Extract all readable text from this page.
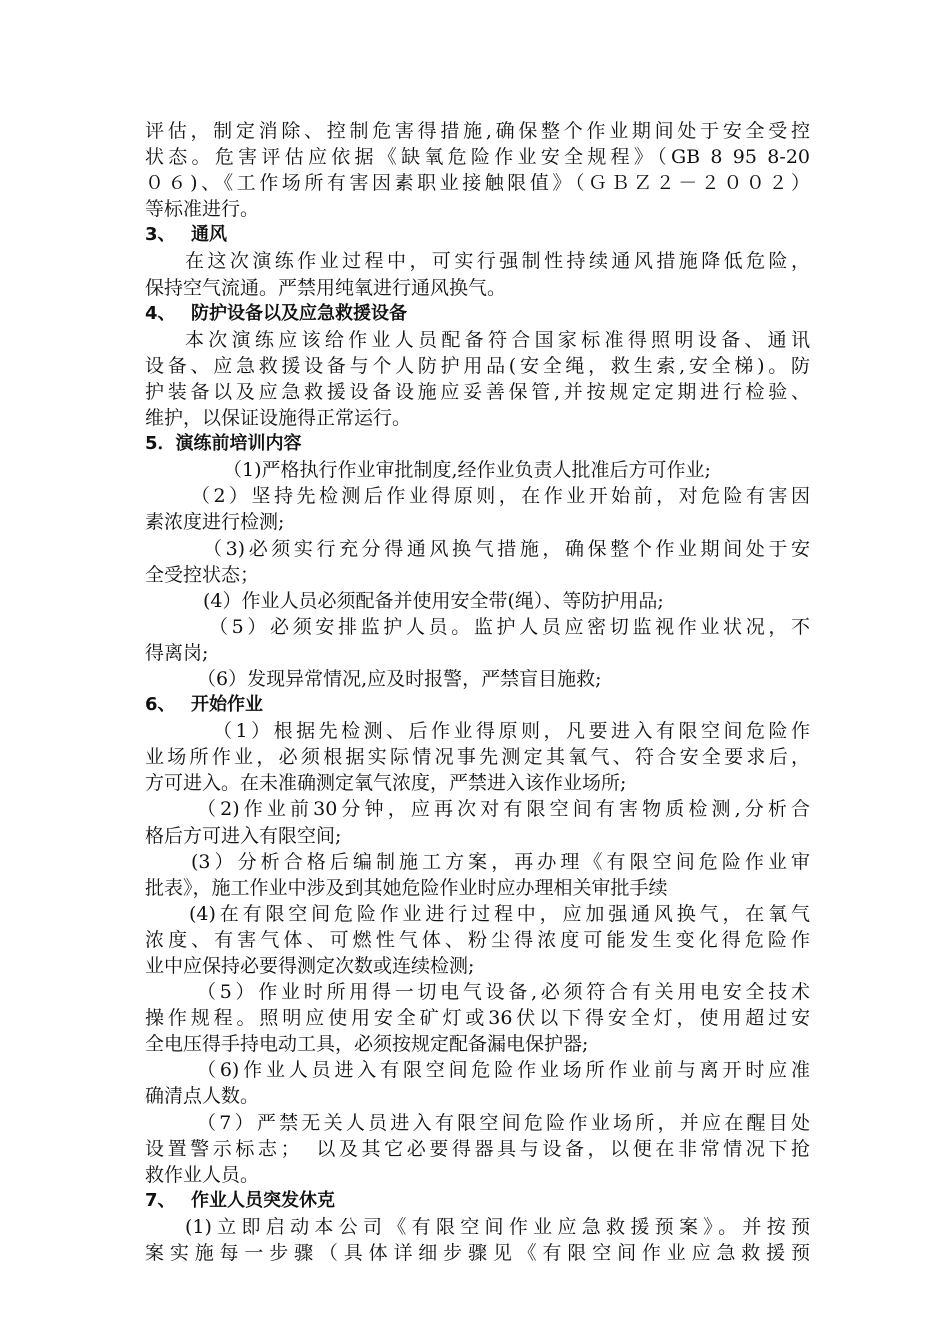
评估，制定消除、控制危害得措施,确保整个作业期间处于安全受控
状态。危害评估应依据《缺氧危险作业安全规程》（GB 8 95 8-20
０６)、《工作场所有害因素职业接触限值》（ＧＢＺ２－２００２）
等标准进行。
3、 通风
在这次演练作业过程中，可实行强制性持续通风措施降低危险，
保持空气流通。严禁用纯氧进行通风换气。
4、 防护设备以及应急救援设备
本次演练应该给作业人员配备符合国家标准得照明设备、通讯
设备、应急救援设备与个人防护用品(安全绳，救生索,安全梯)。防
护装备以及应急救援设备设施应妥善保管,并按规定定期进行检验、
维护，以保证设施得正常运行。
5．演练前培训内容
（1)严格执行作业审批制度,经作业负责人批准后方可作业;
（2）坚持先检测后作业得原则，在作业开始前，对危险有害因
素浓度进行检测;
（3)必须实行充分得通风换气措施，确保整个作业期间处于安
全受控状态；
(4）作业人员必须配备并使用安全带(绳）、等防护用品;
（5）必须安排监护人员。监护人员应密切监视作业状况，不
得离岗;
（6）发现异常情况,应及时报警，严禁盲目施救;
6、 开始作业
（1）根据先检测、后作业得原则，凡要进入有限空间危险作
业场所作业，必须根据实际情况事先测定其氧气、符合安全要求后，
方可进入。在未准确测定氧气浓度，严禁进入该作业场所;
（2)作业前30分钟，应再次对有限空间有害物质检测,分析合
格后方可进入有限空间;
(3）分析合格后编制施工方案，再办理《有限空间危险作业审
批表》，施工作业中涉及到其她危险作业时应办理相关审批手续
(4)在有限空间危险作业进行过程中，应加强通风换气，在氧气
浓度、有害气体、可燃性气体、粉尘得浓度可能发生变化得危险作
业中应保持必要得测定次数或连续检测;
（5）作业时所用得一切电气设备,必须符合有关用电安全技术
操作规程。照明应使用安全矿灯或36伏以下得安全灯，使用超过安
全电压得手持电动工具，必须按规定配备漏电保护器;
（6)作业人员进入有限空间危险作业场所作业前与离开时应准
确清点人数。
（7）严禁无关人员进入有限空间危险作业场所，并应在醒目处
设置警示标志；　以及其它必要得器具与设备，以便在非常情况下抢
救作业人员。
7、 作业人员突发休克
(1)立即启动本公司《有限空间作业应急救援预案》。并按预
案实施每一步骤（具体详细步骤见《有限空间作业应急救援预
